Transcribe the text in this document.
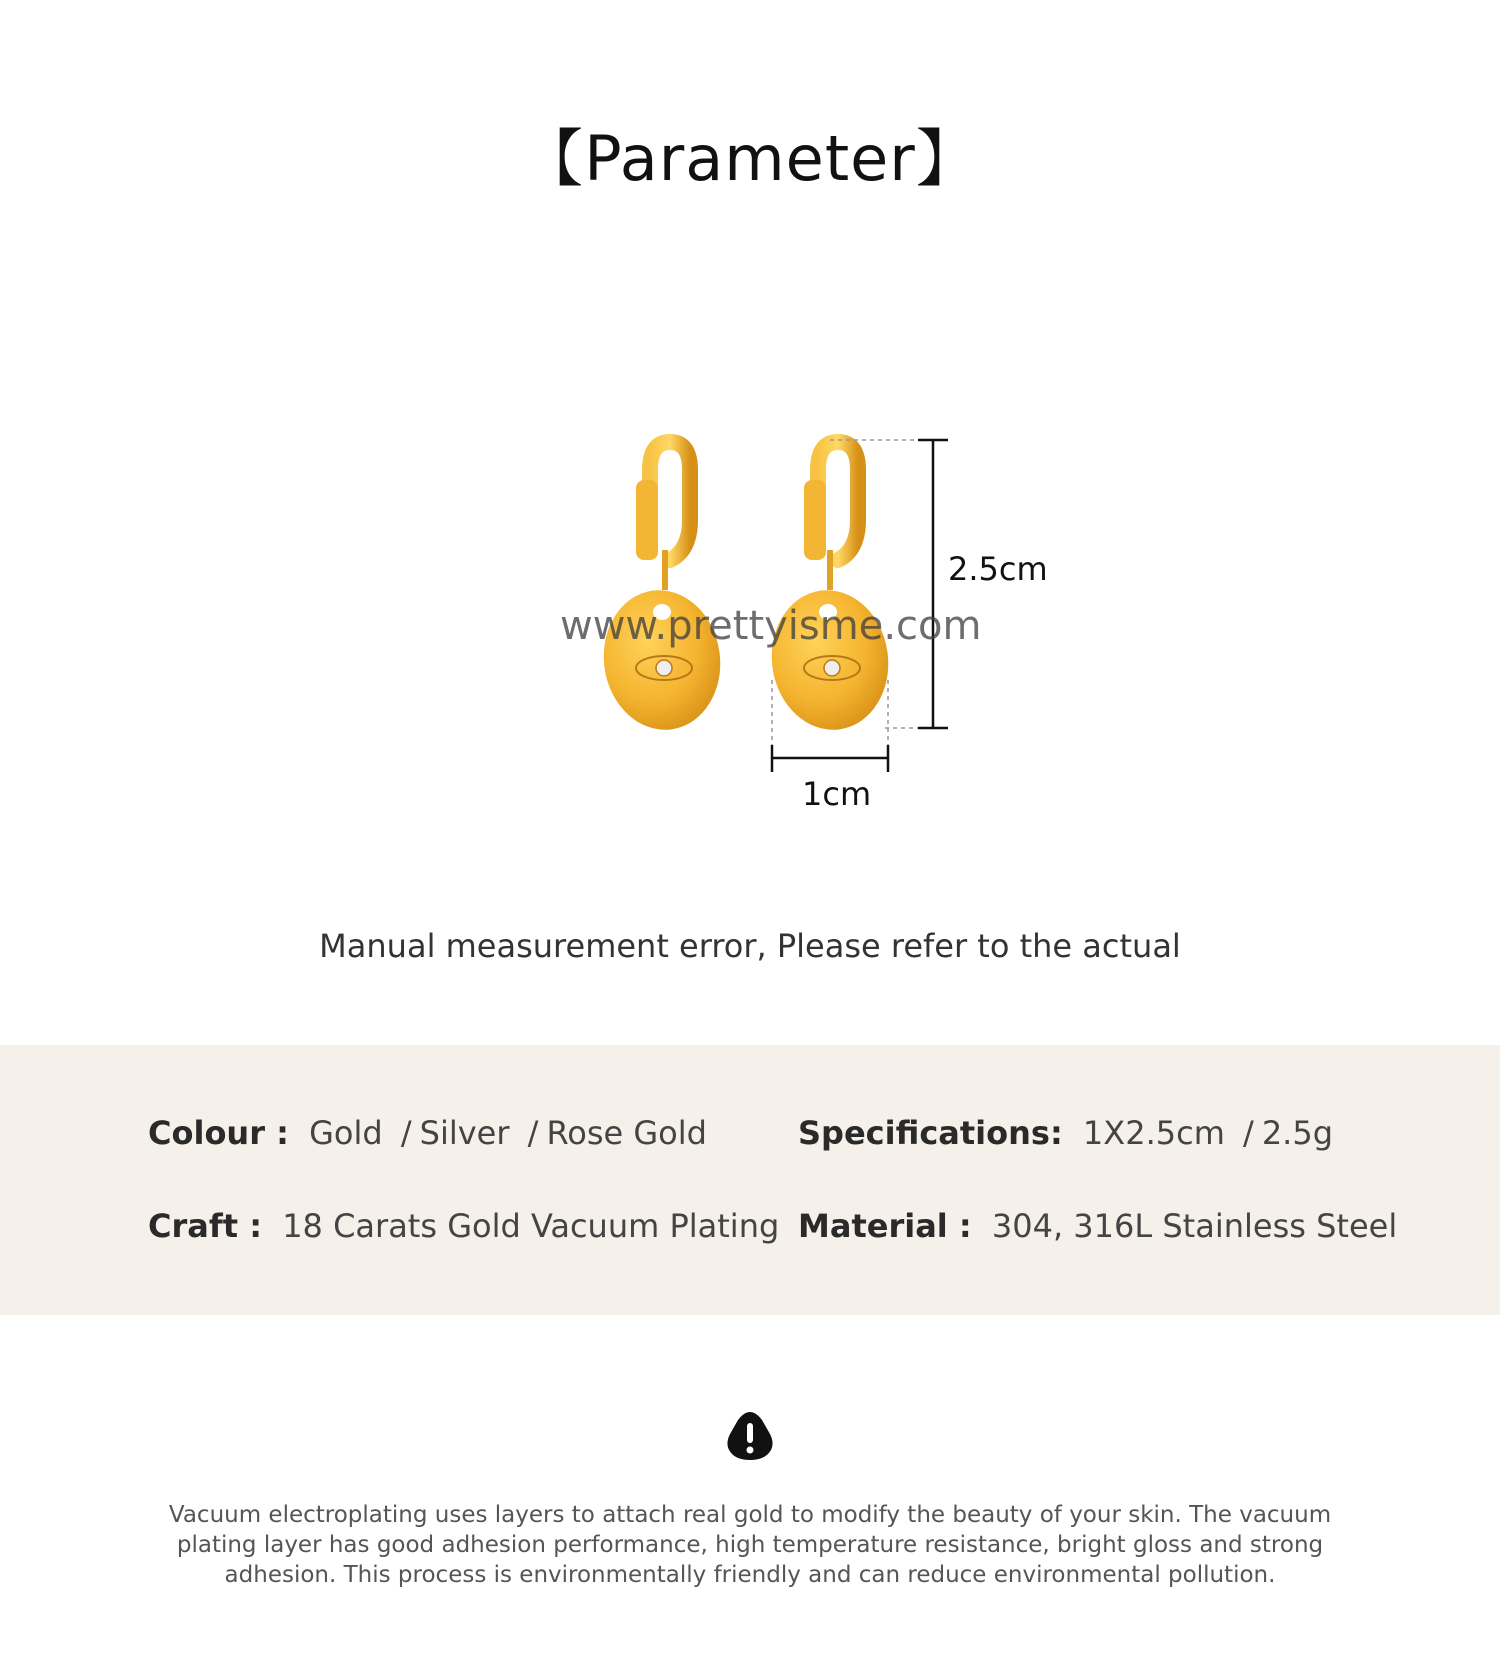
【Parameter】
2.5cm
1cm
www.prettyisme.com
Manual measurement error, Please refer to the actual
Colour : Gold / Silver / Rose Gold	Specifications: 1X2.5cm / 2.5g
Craft : 18 Carats Gold Vacuum Plating Material : 304, 316L Stainless Steel
Vacuum electroplating uses layers to attach real gold to modify the beauty of your skin. The vacuum plating layer has good adhesion performance, high temperature resistance, bright gloss and strong adhesion. This process is environmentally friendly and can reduce environmental pollution.
